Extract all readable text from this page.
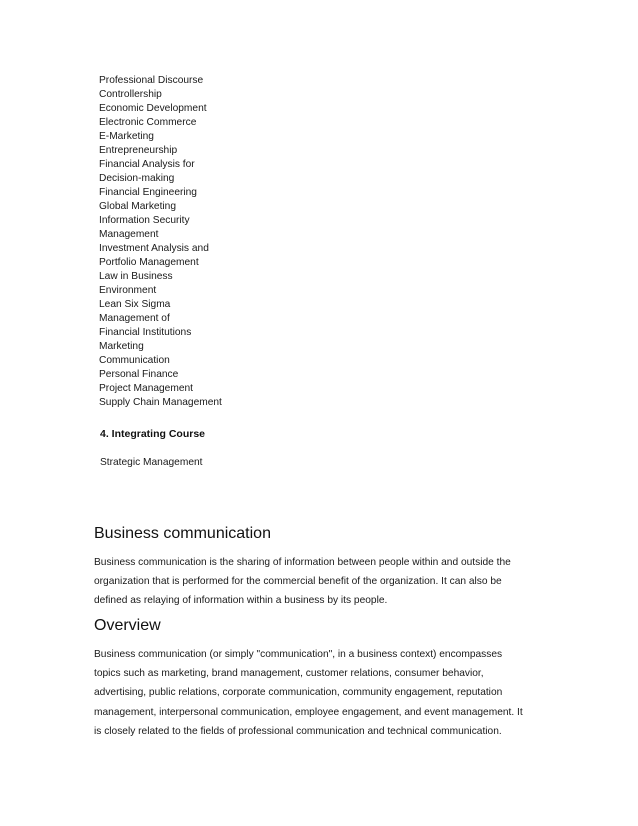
Professional Discourse
Controllership
Economic Development
Electronic Commerce
E-Marketing
Entrepreneurship
Financial Analysis for
Decision-making
Financial Engineering
Global Marketing
Information Security
Management
Investment Analysis and
Portfolio Management
Law in Business
Environment
Lean Six Sigma
Management of
Financial Institutions
Marketing
Communication
Personal Finance
Project Management
Supply Chain Management
4. Integrating Course
Strategic Management
Business communication
Business communication is the sharing of information between people within and outside the
organization that is performed for the commercial benefit of the organization. It can also be
defined as relaying of information within a business by its people.
Overview
Business communication (or simply "communication", in a business context) encompasses
topics such as marketing, brand management, customer relations, consumer behavior,
advertising, public relations, corporate communication, community engagement, reputation
management, interpersonal communication, employee engagement, and event management. It
is closely related to the fields of professional communication and technical communication.
